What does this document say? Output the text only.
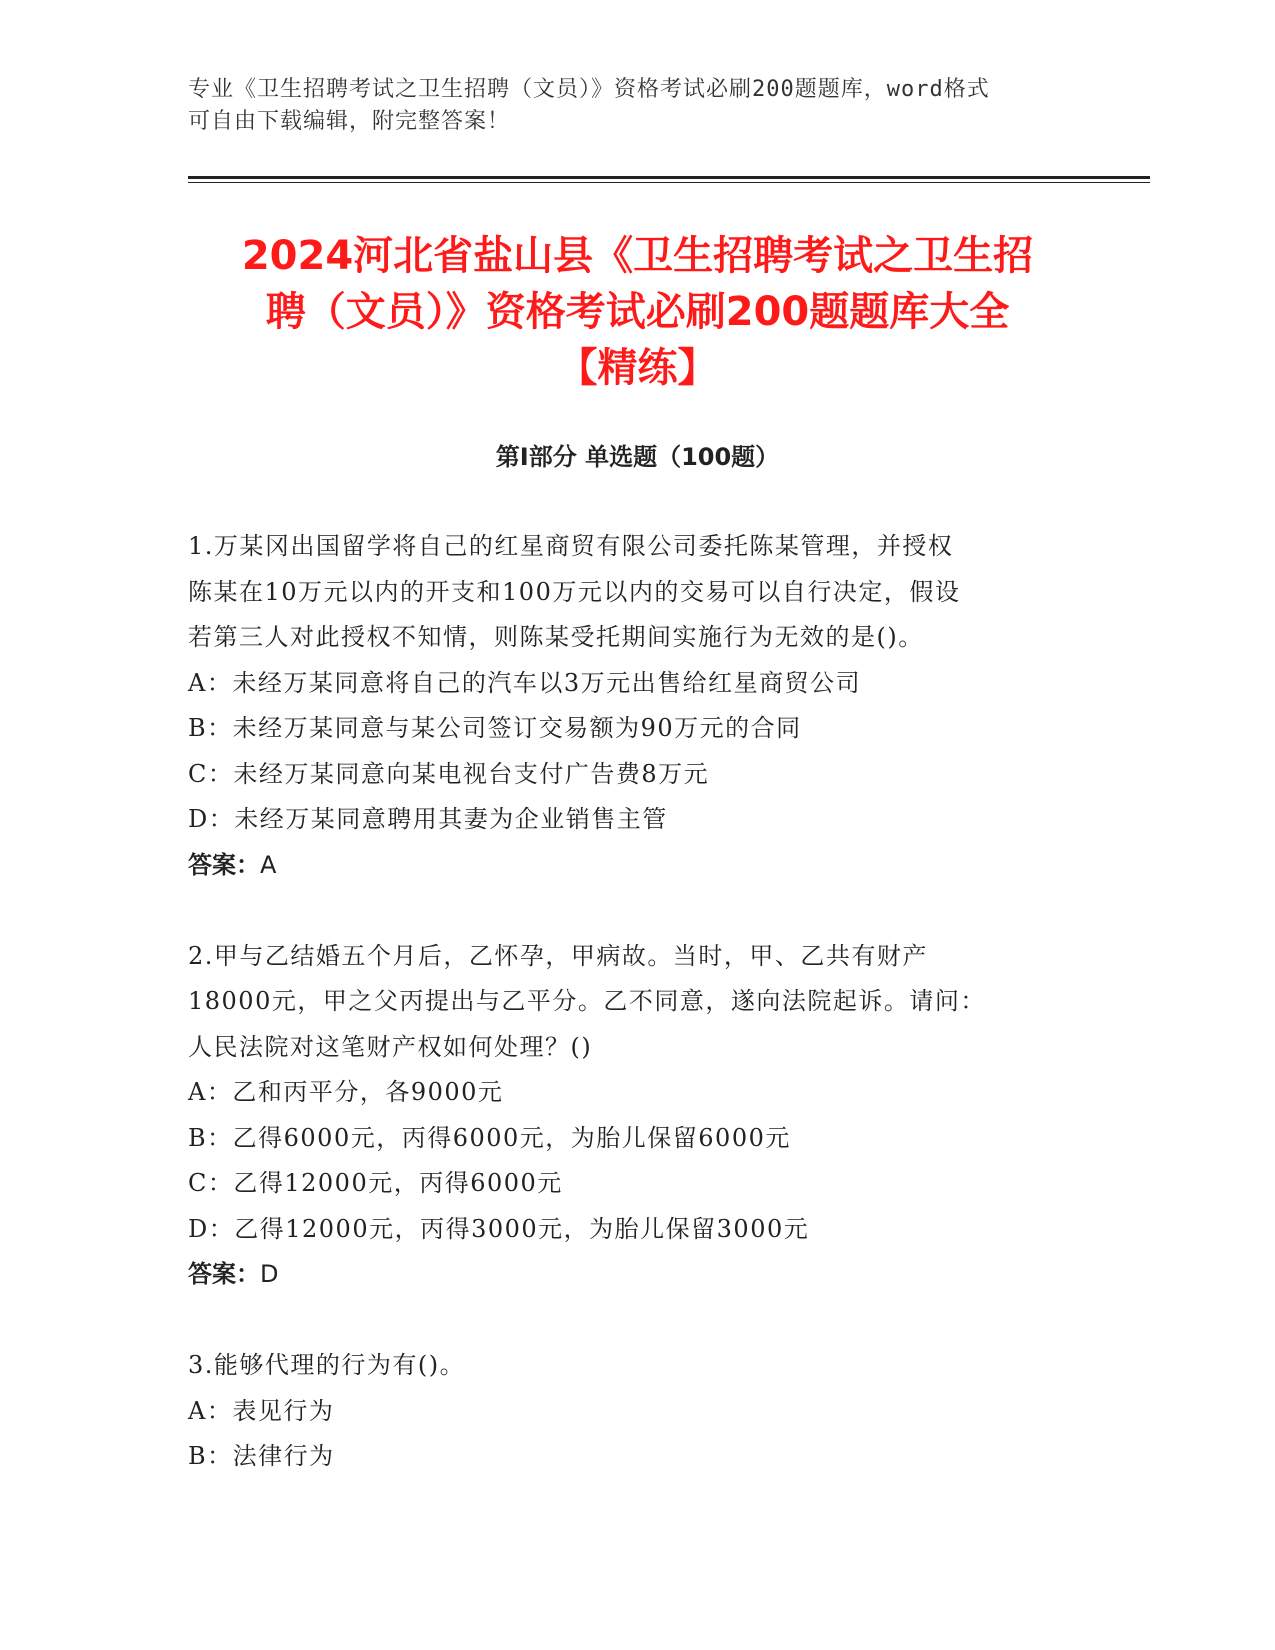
专业《卫生招聘考试之卫生招聘（文员）》资格考试必刷200题题库，word格式
可自由下载编辑，附完整答案！
2024河北省盐山县《卫生招聘考试之卫生招
聘（文员）》资格考试必刷200题题库大全
【精练】
第Ⅰ部分 单选题（100题）
1.万某冈出国留学将自己的红星商贸有限公司委托陈某管理，并授权
陈某在10万元以内的开支和100万元以内的交易可以自行决定，假设
若第三人对此授权不知情，则陈某受托期间实施行为无效的是()。
A：未经万某同意将自己的汽车以3万元出售给红星商贸公司
B：未经万某同意与某公司签订交易额为90万元的合同
C：未经万某同意向某电视台支付广告费8万元
D：未经万某同意聘用其妻为企业销售主管
答案：A
2.甲与乙结婚五个月后，乙怀孕，甲病故。当时，甲、乙共有财产
18000元，甲之父丙提出与乙平分。乙不同意，遂向法院起诉。请问：
人民法院对这笔财产权如何处理？()
A：乙和丙平分，各9000元
B：乙得6000元，丙得6000元，为胎儿保留6000元
C：乙得12000元，丙得6000元
D：乙得12000元，丙得3000元，为胎儿保留3000元
答案：D
3.能够代理的行为有()。
A：表见行为
B：法律行为
